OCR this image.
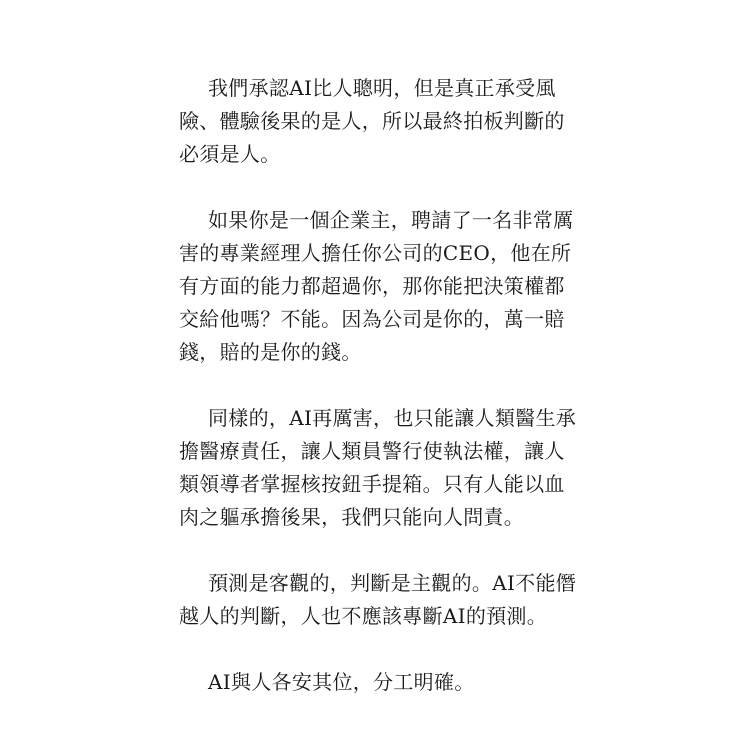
我們承認AI比人聰明，但是真正承受風險、體驗後果的是人，所以最終拍板判斷的必須是人。

如果你是一個企業主，聘請了一名非常厲害的專業經理人擔任你公司的CEO，他在所有方面的能力都超過你，那你能把決策權都交給他嗎？不能。因為公司是你的，萬一賠錢，賠的是你的錢。

同樣的，AI再厲害，也只能讓人類醫生承擔醫療責任，讓人類員警行使執法權，讓人類領導者掌握核按鈕手提箱。只有人能以血肉之軀承擔後果，我們只能向人問責。

預測是客觀的，判斷是主觀的。AI不能僭越人的判斷，人也不應該專斷AI的預測。

AI與人各安其位，分工明確。
